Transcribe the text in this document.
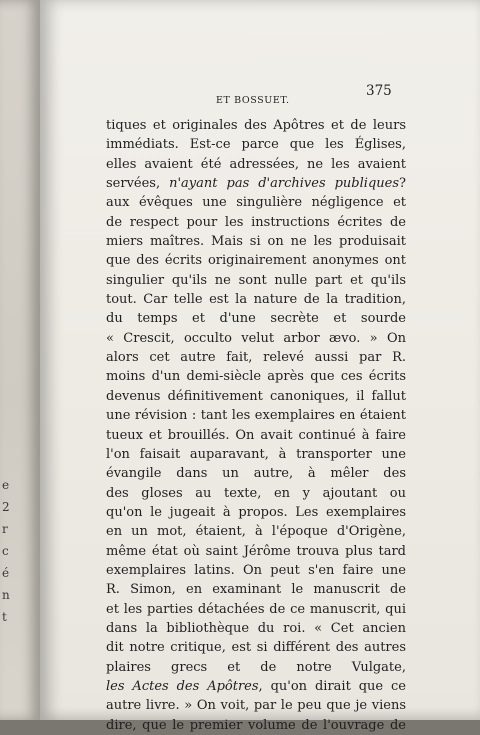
e
2
r
c
é
n
t
ET BOSSUET.
375
tiques et originales des Apôtres et de leurs
immédiats. Est-ce parce que les Églises,
elles avaient été adressées, ne les avaient
servées, n'ayant pas d'archives publiques?
aux évêques une singulière négligence et
de respect pour les instructions écrites de
miers maîtres. Mais si on ne les produisait
que des écrits originairement anonymes ont
singulier qu'ils ne sont nulle part et qu'ils
tout. Car telle est la nature de la tradition,
du temps et d'une secrète et sourde
« Crescit, occulto velut arbor ævo. » On
alors cet autre fait, relevé aussi par R.
moins d'un demi-siècle après que ces écrits
devenus définitivement canoniques, il fallut
une révision : tant les exemplaires en étaient
tueux et brouillés. On avait continué à faire
l'on faisait auparavant, à transporter une
évangile dans un autre, à mêler des
des gloses au texte, en y ajoutant ou
qu'on le jugeait à propos. Les exemplaires
en un mot, étaient, à l'époque d'Origène,
même état où saint Jérôme trouva plus tard
exemplaires latins. On peut s'en faire une
R. Simon, en examinant le manuscrit de
et les parties détachées de ce manuscrit, qui
dans la bibliothèque du roi. « Cet ancien
dit notre critique, est si différent des autres
plaires grecs et de notre Vulgate,
les Actes des Apôtres, qu'on dirait que ce
autre livre. » On voit, par le peu que je viens
dire, que le premier volume de l'ouvrage de
